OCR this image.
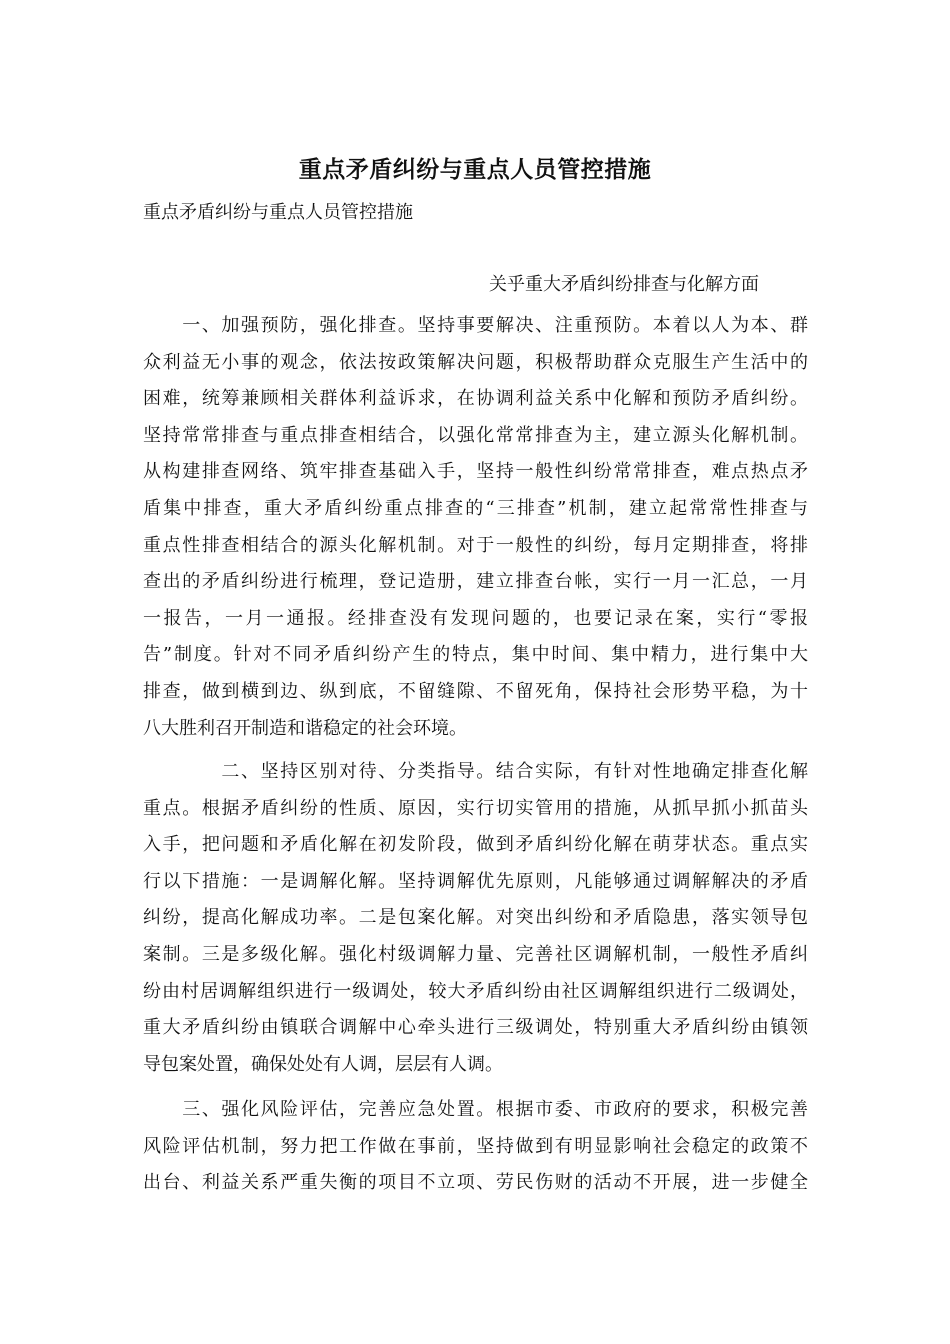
重点矛盾纠纷与重点人员管控措施
重点矛盾纠纷与重点人员管控措施
关乎重大矛盾纠纷排查与化解方面
　　一、加强预防，强化排查。坚持事要解决、注重预防。本着以人为本、群
众利益无小事的观念，依法按政策解决问题，积极帮助群众克服生产生活中的
困难，统筹兼顾相关群体利益诉求，在协调利益关系中化解和预防矛盾纠纷。
坚持常常排查与重点排查相结合，以强化常常排查为主，建立源头化解机制。
从构建排查网络、筑牢排查基础入手，坚持一般性纠纷常常排查，难点热点矛
盾集中排查，重大矛盾纠纷重点排查的“三排查”机制，建立起常常性排查与
重点性排查相结合的源头化解机制。对于一般性的纠纷，每月定期排查，将排
查出的矛盾纠纷进行梳理，登记造册，建立排查台帐，实行一月一汇总，一月
一报告，一月一通报。经排查没有发现问题的，也要记录在案，实行“零报
告”制度。针对不同矛盾纠纷产生的特点，集中时间、集中精力，进行集中大
排查，做到横到边、纵到底，不留缝隙、不留死角，保持社会形势平稳，为十
八大胜利召开制造和谐稳定的社会环境。
　　　　二、坚持区别对待、分类指导。结合实际，有针对性地确定排查化解
重点。根据矛盾纠纷的性质、原因，实行切实管用的措施，从抓早抓小抓苗头
入手，把问题和矛盾化解在初发阶段，做到矛盾纠纷化解在萌芽状态。重点实
行以下措施：一是调解化解。坚持调解优先原则，凡能够通过调解解决的矛盾
纠纷，提高化解成功率。二是包案化解。对突出纠纷和矛盾隐患，落实领导包
案制。三是多级化解。强化村级调解力量、完善社区调解机制，一般性矛盾纠
纷由村居调解组织进行一级调处，较大矛盾纠纷由社区调解组织进行二级调处，
重大矛盾纠纷由镇联合调解中心牵头进行三级调处，特别重大矛盾纠纷由镇领
导包案处置，确保处处有人调，层层有人调。
　　三、强化风险评估，完善应急处置。根据市委、市政府的要求，积极完善
风险评估机制，努力把工作做在事前，坚持做到有明显影响社会稳定的政策不
出台、利益关系严重失衡的项目不立项、劳民伤财的活动不开展，进一步健全
